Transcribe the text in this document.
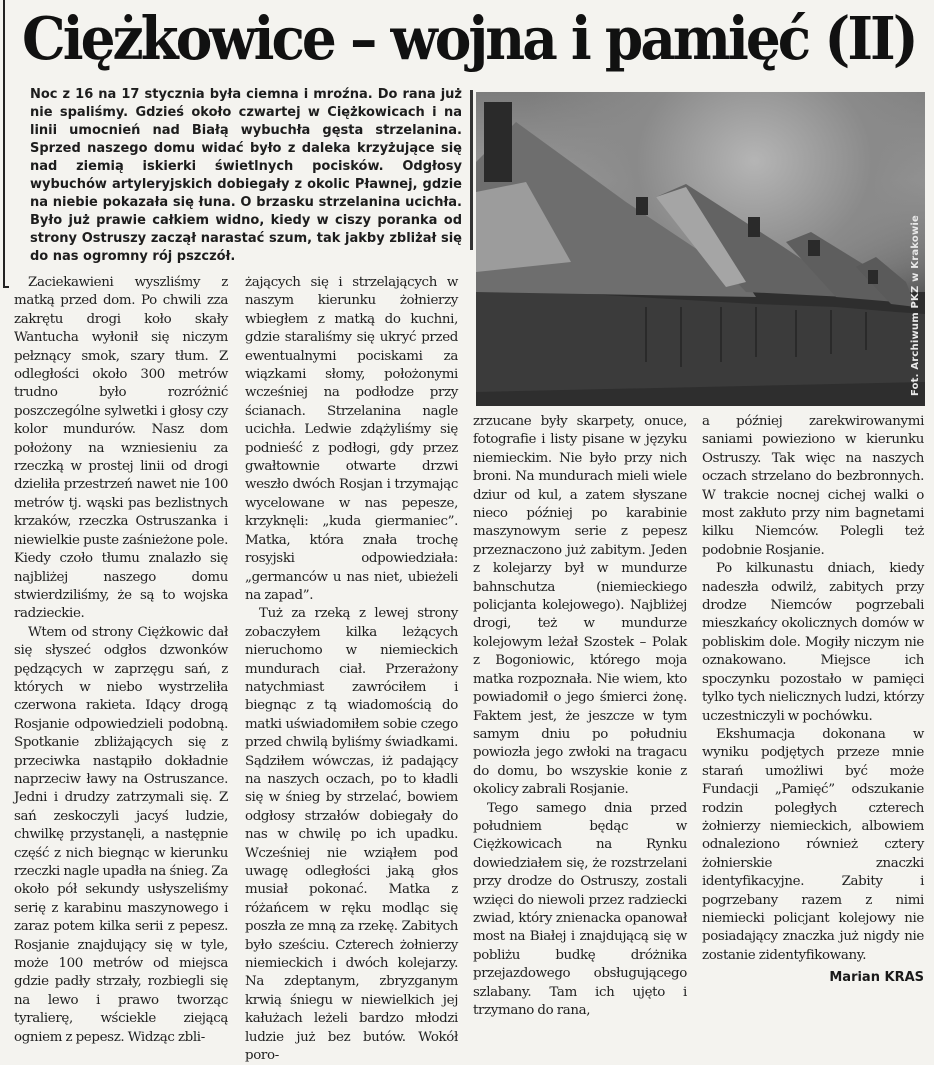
Ciężkowice – wojna i pamięć (II)
Noc z 16 na 17 stycznia była ciemna i mroźna. Do rana już nie spaliśmy. Gdzieś około czwartej w Ciężkowicach i na linii umocnień nad Białą wybuchła gęsta strzelanina. Sprzed naszego domu widać było z daleka krzyżujące się nad ziemią iskierki świetlnych pocisków. Odgłosy wybuchów artyleryjskich dobiegały z okolic Pławnej, gdzie na niebie pokazała się łuna. O brzasku strzelanina ucichła. Było już prawie całkiem widno, kiedy w ciszy poranka od strony Ostruszy zaczął narastać szum, tak jakby zbliżał się do nas ogromny rój pszczół.	Fot. Archiwum PKZ w Krakowie

Zaciekawieni wyszliśmy z matką przed dom. Po chwili zza zakrętu drogi koło skały Wantucha wyłonił się niczym pełznący smok, szary tłum. Z odległości około 300 metrów trudno było rozróżnić poszczególne sylwetki i głosy czy kolor mundurów. Nasz dom położony na wzniesieniu za rzeczką w prostej linii od drogi dzieliła przestrzeń nawet nie 100 metrów tj. wąski pas bezlistnych krzaków, rzeczka Ostruszanka i niewielkie puste zaśnieżone pole. Kiedy czoło tłumu znalazło się najbliżej naszego domu stwierdziliśmy, że są to wojska radzieckie.

Wtem od strony Ciężkowic dał się słyszeć odgłos dzwonków pędzących w zaprzęgu sań, z których w niebo wystrzeliła czerwona rakieta. Idący drogą Rosjanie odpowiedzieli podobną. Spotkanie zbliżających się z przeciwka nastąpiło dokładnie naprzeciw ławy na Ostruszance. Jedni i drudzy zatrzymali się. Z sań zeskoczyli jacyś ludzie, chwilkę przystanęli, a następnie część z nich biegnąc w kierunku rzeczki nagle upadła na śnieg. Za około pół sekundy usłyszeliśmy serię z karabinu maszynowego i zaraz potem kilka serii z pepesz. Rosjanie znajdujący się w tyle, może 100 metrów od miejsca gdzie padły strzały, rozbiegli się na lewo i prawo tworząc tyralierę, wściekle ziejącą ogniem z pepesz. Widząc zbli-

żających się i strzelających w naszym kierunku żołnierzy wbiegłem z matką do kuchni, gdzie staraliśmy się ukryć przed ewentualnymi pociskami za wiązkami słomy, położonymi wcześniej na podłodze przy ścianach. Strzelanina nagle ucichła. Ledwie zdążyliśmy się podnieść z podłogi, gdy przez gwałtownie otwarte drzwi weszło dwóch Rosjan i trzymając wycelowane w nas pepesze, krzyknęli: „kuda giermaniec”. Matka, która znała trochę rosyjski odpowiedziała: „germanców u nas niet, ubieżeli na zapad”.

Tuż za rzeką z lewej strony zobaczyłem kilka leżących nieruchomo w niemieckich mundurach ciał. Przerażony natychmiast zawróciłem i biegnąc z tą wiadomością do matki uświadomiłem sobie czego przed chwilą byliśmy świadkami. Sądziłem wówczas, iż padający na naszych oczach, po to kładli się w śnieg by strzelać, bowiem odgłosy strzałów dobiegały do nas w chwilę po ich upadku. Wcześniej nie wziąłem pod uwagę odległości jaką głos musiał pokonać. Matka z różańcem w ręku modląc się poszła ze mną za rzekę. Zabitych było sześciu. Czterech żołnierzy niemieckich i dwóch kolejarzy. Na zdeptanym, zbryzganym krwią śniegu w niewielkich jej kałużach leżeli bardzo młodzi ludzie już bez butów. Wokół poro-

zrzucane były skarpety, onuce, fotografie i listy pisane w języku niemieckim. Nie było przy nich broni. Na mundurach mieli wiele dziur od kul, a zatem słyszane nieco później po karabinie maszynowym serie z pepesz przeznaczono już zabitym. Jeden z kolejarzy był w mundurze bahnschutza (niemieckiego policjanta kolejowego). Najbliżej drogi, też w mundurze kolejowym leżał Szostek – Polak z Bogoniowic, którego moja matka rozpoznała. Nie wiem, kto powiadomił o jego śmierci żonę. Faktem jest, że jeszcze w tym samym dniu po południu powiozła jego zwłoki na tragacu do domu, bo wszyskie konie z okolicy zabrali Rosjanie.

Tego samego dnia przed południem będąc w Ciężkowicach na Rynku dowiedziałem się, że rozstrzelani przy drodze do Ostruszy, zostali wzięci do niewoli przez radziecki zwiad, który znienacka opanował most na Białej i znajdującą się w pobliżu budkę dróżnika przejazdowego obsługującego szlabany. Tam ich ujęto i trzymano do rana,

a później zarekwirowanymi saniami powieziono w kierunku Ostruszy. Tak więc na naszych oczach strzelano do bezbronnych. W trakcie nocnej cichej walki o most zakłuto przy nim bagnetami kilku Niemców. Polegli też podobnie Rosjanie.

Po kilkunastu dniach, kiedy nadeszła odwilż, zabitych przy drodze Niemców pogrzebali mieszkańcy okolicznych domów w pobliskim dole. Mogiły niczym nie oznakowano. Miejsce ich spoczynku pozostało w pamięci tylko tych nielicznych ludzi, którzy uczestniczyli w pochówku.

Ekshumacja dokonana w wyniku podjętych przeze mnie starań umożliwi być może Fundacji „Pamięć” odszukanie rodzin poległych czterech żołnierzy niemieckich, albowiem odnaleziono również cztery żołnierskie znaczki identyfikacyjne. Zabity i pogrzebany razem z nimi niemiecki policjant kolejowy nie posiadający znaczka już nigdy nie zostanie zidentyfikowany.

Marian KRAS
